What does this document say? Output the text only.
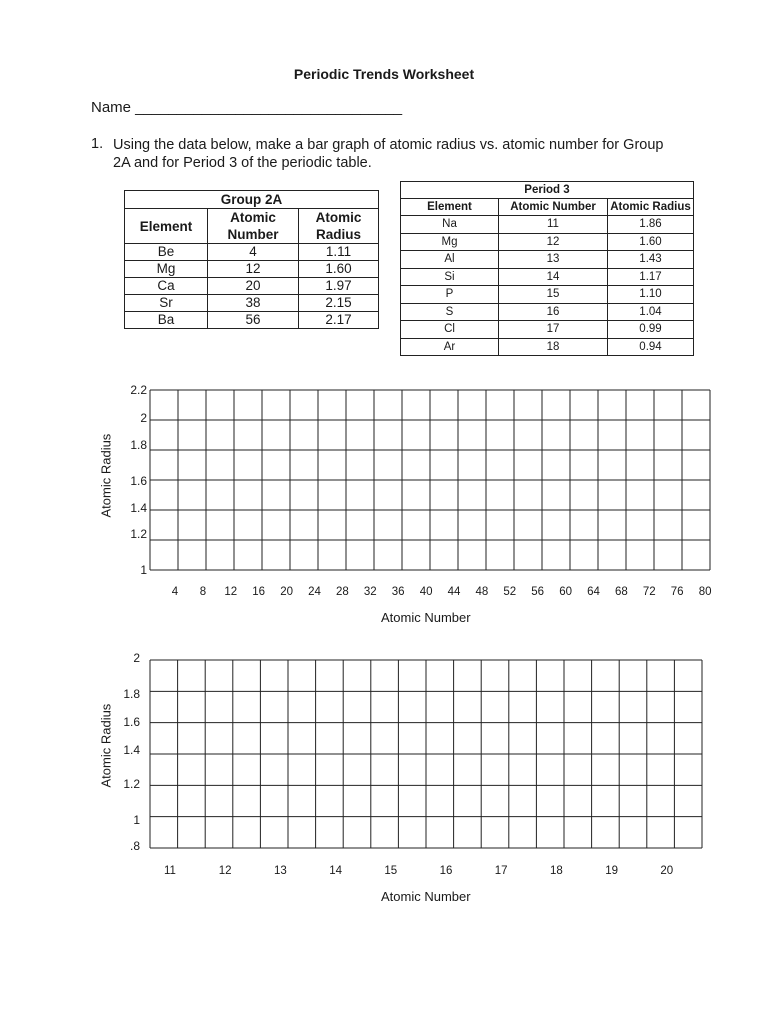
Periodic Trends Worksheet
Name ________________________________
1. Using the data below, make a bar graph of atomic radius vs. atomic number for Group 2A and for Period 3 of the periodic table.
Group 2A		
Element	Atomic Number	Atomic Radius
Be	4	1.11
Mg	12	1.60
Ca	20	1.97
Sr	38	2.15
Ba	56	2.17
Period 3		
Element	Atomic Number	Atomic Radius
Na	11	1.86
Mg	12	1.60
Al	13	1.43
Si	14	1.17
P	15	1.10
S	16	1.04
Cl	17	0.99
Ar	18	0.94
Atomic Radius
2.2
2
1.8
1.6
1.4
1.2
1
4	8	12	16	20	24	28	32	36	40	44	48	52	56	60	64	68	72	76	80
Atomic Number
Atomic Radius
2
1.8
1.6
1.4
1.2
1
.8
11	12	13	14	15	16	17	18	19	20
Atomic Number
